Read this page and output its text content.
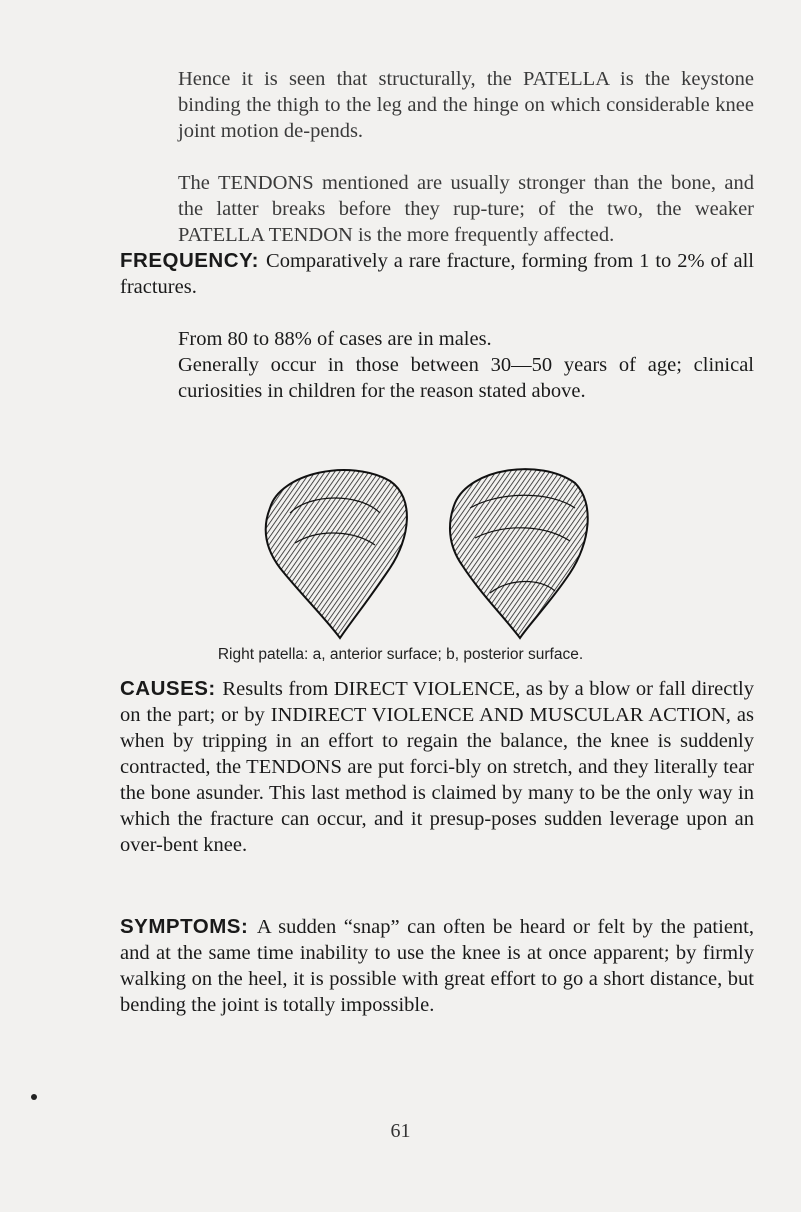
Hence it is seen that structurally, the PATELLA is the keystone binding the thigh to the leg and the hinge on which considerable knee joint motion de-pends.

The TENDONS mentioned are usually stronger than the bone, and the latter breaks before they rup-ture; of the two, the weaker PATELLA TENDON is the more frequently affected.

FREQUENCY: Comparatively a rare fracture, forming from 1 to 2% of all fractures.

From 80 to 88% of cases are in males.

Generally occur in those between 30—50 years of age; clinical curiosities in children for the reason stated above.

Right patella: a, anterior surface; b, posterior surface.
CAUSES: Results from DIRECT VIOLENCE, as by a blow or fall directly on the part; or by INDIRECT VIOLENCE AND MUSCULAR ACTION, as when by tripping in an effort to regain the balance, the knee is suddenly contracted, the TENDONS are put forci-bly on stretch, and they literally tear the bone asunder. This last method is claimed by many to be the only way in which the fracture can occur, and it presup-poses sudden leverage upon an over-bent knee.
SYMPTOMS: A sudden “snap” can often be heard or felt by the patient, and at the same time inability to use the knee is at once apparent; by firmly walking on the heel, it is possible with great effort to go a short distance, but bending the joint is totally impossible.
61
